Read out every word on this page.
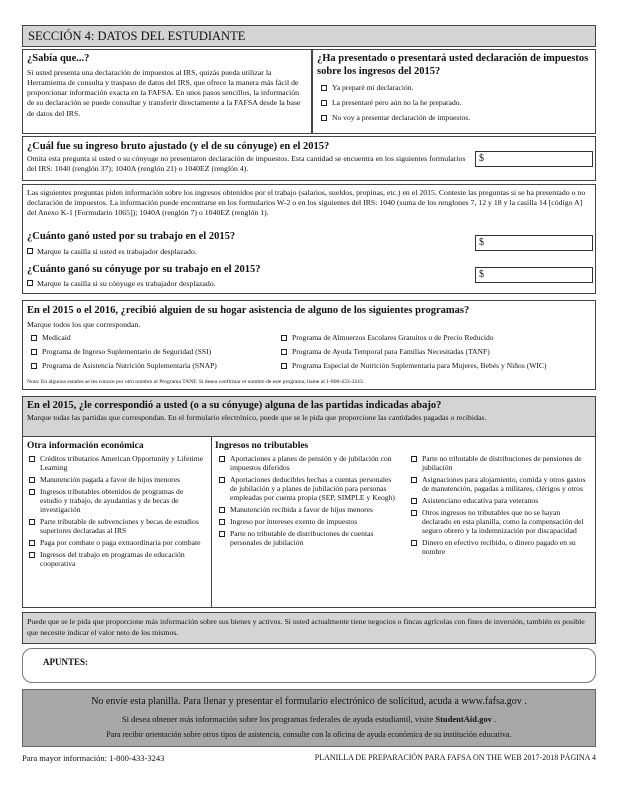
SECCIÓN 4: DATOS DEL ESTUDIANTE
¿Sabía que...?
Si usted presenta una declaración de impuestos al IRS, quizás pueda utilizar la Herramienta de consulta y traspaso de datos del IRS, que ofrece la manera más fácil de proporcionar información exacta en la FAFSA. En unos pasos sencillos, la información de su declaración se puede consultar y transferir directamente a la FAFSA desde la base de datos del IRS.
¿Ha presentado o presentará usted declaración de impuestos sobre los ingresos del 2015?
Ya preparé mi declaración.
La presentaré pero aún no la he preparado.
No voy a presentar declaración de impuestos.
¿Cuál fue su ingreso bruto ajustado (y el de su cónyuge) en el 2015?
Omita esta pregunta si usted o su cónyuge no presentaron declaración de impuestos. Esta cantidad se encuentra en los siguientes formularios del IRS: 1040 (renglón 37); 1040A (renglón 21) o 1040EZ (renglón 4).
$
Las siguientes preguntas piden información sobre los ingresos obtenidos por el trabajo (salarios, sueldos, propinas, etc.) en el 2015. Conteste las preguntas si se ha presentado o no declaración de impuestos. La información puede encontrarse en los formularios W-2 o en los siguientes del IRS: 1040 (suma de los renglones 7, 12 y 18 y la casilla 14 [código A] del Anexo K-1 [Formulario 1065]); 1040A (renglón 7) o 1040EZ (renglón 1).
¿Cuánto ganó usted por su trabajo en el 2015?
Marque la casilla si usted es trabajador desplazado.
$
¿Cuánto ganó su cónyuge por su trabajo en el 2015?
Marque la casilla si su cónyuge es trabajador desplazado.
$
En el 2015 o el 2016, ¿recibió alguien de su hogar asistencia de alguno de los siguientes programas?
Marque todos los que correspondan.
Medicaid
Programa de Ingreso Suplementario de Seguridad (SSI)
Programa de Asistencia Nutrición Suplementaria (SNAP)
Programa de Almuerzos Escolares Gratuitos o de Precio Reducido
Programa de Ayuda Temporal para Familias Necesitadas (TANF)
Programa Especial de Nutrición Suplementaria para Mujeres, Bebés y Niños (WIC)
Nota: En algunos estados se les conoce por otro nombre al Programa TANF. Si desea confirmar el nombre de este programa, llame al 1-800-433-3243.
En el 2015, ¿le correspondió a usted (o a su cónyuge) alguna de las partidas indicadas abajo?
Marque todas las partidas que correspondan. En el formulario electrónico, puede que se le pida que proporcione las cantidades pagadas o recibidas.
Otra información económica
Créditos tributarios American Opportunity y Lifetime Learning
Manutención pagada a favor de hijos menores
Ingresos tributables obtenidos de programas de estudio y trabajo, de ayudantías y de becas de investigación
Parte tributable de subvenciones y becas de estudios superiores declaradas al IRS
Paga por combate o paga extraordinaria por combate
Ingresos del trabajo en programas de educación cooperativa
Ingresos no tributables
Aportaciones a planes de pensión y de jubilación con impuestos diferidos
Aportaciones deducibles hechas a cuentas personales de jubilación y a planes de jubilación para personas empleadas por cuenta propia (SEP, SIMPLE y Keogh)
Manutención recibida a favor de hijos menores
Ingreso por intereses exento de impuestos
Parte no tributable de distribuciones de cuentas personales de jubilación
Parte no tributable de distribuciones de pensiones de jubilación
Asignaciones para alojamiento, comida y otros gastos de manutención, pagadas a militares, clérigos y otros
Asistenciano educativa para veteranos
Otros ingresos no tributables que no se hayan declarado en esta planilla, como la compensación del seguro obrero y la indemnización por discapacidad
Dinero en efectivo recibido, o dinero pagado en su nombre
Puede que se le pida que proporcione más información sobre sus bienes y activos. Si usted actualmente tiene negocios o fincas agrícolas con fines de inversión, también es posible que necesite indicar el valor neto de los mismos.
APUNTES:
No envíe esta planilla. Para llenar y presentar el formulario electrónico de solicitud, acuda a www.fafsa.gov .
Si desea obtener más información sobre los programas federales de ayuda estudiantil, visite StudentAid.gov .
Para recibir orientación sobre otros tipos de asistencia, consulte con la oficina de ayuda económica de su institución educativa.
Para mayor información: 1-800-433-3243	PLANILLA DE PREPARACIÓN PARA FAFSA ON THE WEB 2017-2018 PÁGINA 4
